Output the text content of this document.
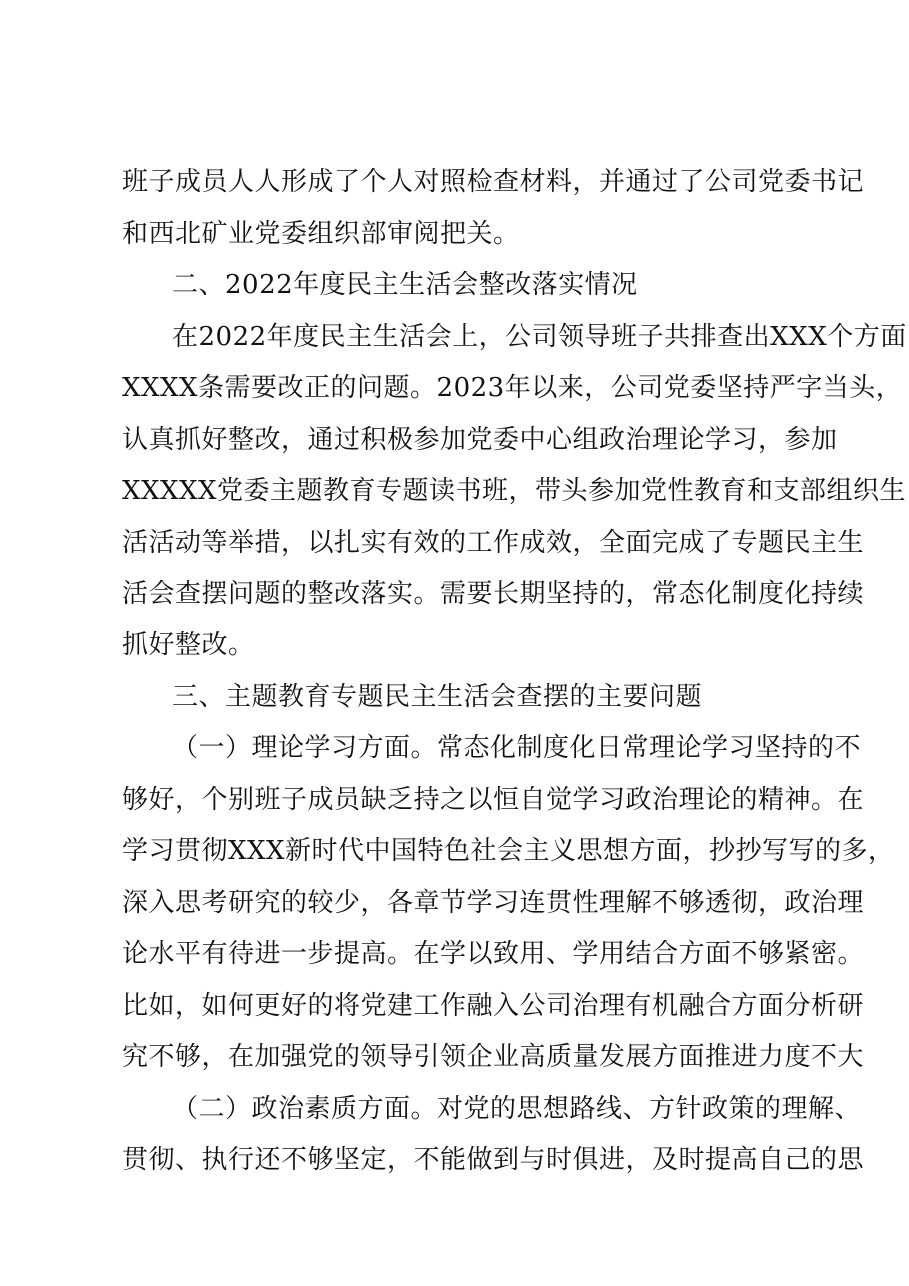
班子成员人人形成了个人对照检查材料，并通过了公司党委书记
和西北矿业党委组织部审阅把关。
二、2022年度民主生活会整改落实情况
在2022年度民主生活会上，公司领导班子共排查出XXX个方面
XXXX条需要改正的问题。2023年以来，公司党委坚持严字当头，
认真抓好整改，通过积极参加党委中心组政治理论学习，参加
XXXXX党委主题教育专题读书班，带头参加党性教育和支部组织生
活活动等举措，以扎实有效的工作成效，全面完成了专题民主生
活会查摆问题的整改落实。需要长期坚持的，常态化制度化持续
抓好整改。
三、主题教育专题民主生活会查摆的主要问题
（一）理论学习方面。常态化制度化日常理论学习坚持的不
够好，个别班子成员缺乏持之以恒自觉学习政治理论的精神。在
学习贯彻XXX新时代中国特色社会主义思想方面，抄抄写写的多，
深入思考研究的较少，各章节学习连贯性理解不够透彻，政治理
论水平有待进一步提高。在学以致用、学用结合方面不够紧密。
比如，如何更好的将党建工作融入公司治理有机融合方面分析研
究不够，在加强党的领导引领企业高质量发展方面推进力度不大
（二）政治素质方面。对党的思想路线、方针政策的理解、
贯彻、执行还不够坚定，不能做到与时俱进，及时提高自己的思
